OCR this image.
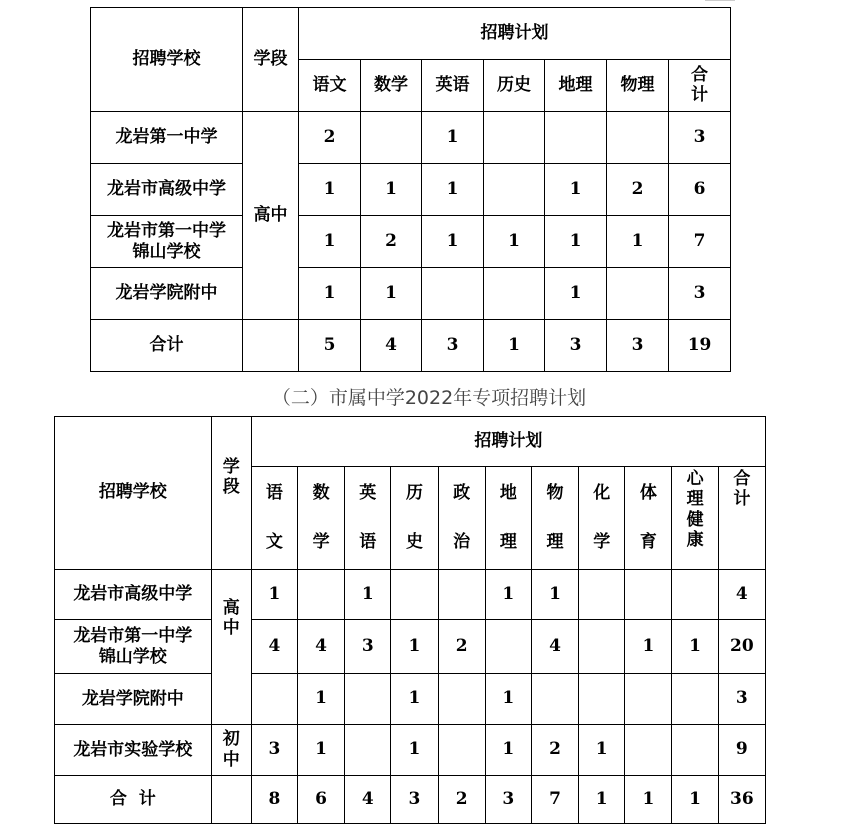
招聘学校	学段	招聘计划						
		语文	数学	英语	历史	地理	物理	合计
龙岩第一中学	高中	2		1				3
龙岩市高级中学		1	1	1		1	2	6
龙岩市第一中学锦山学校		1	2	1	1	1	1	7
龙岩学院附中		1	1			1		3
合计		5	4	3	1	3	3	19
（二）市属中学2022年专项招聘计划
招聘学校	学段	招聘计划										
		语文	数学	英语	历史	政治	地理	物理	化学	体育	心理健康	合计
龙岩市高级中学	高中	1		1			1	1				4
龙岩市第一中学锦山学校		4	4	3	1	2		4		1	1	20
龙岩学院附中			1		1		1					3
龙岩市实验学校	初中	3	1		1		1	2	1			9
合  计		8	6	4	3	2	3	7	1	1	1	36
